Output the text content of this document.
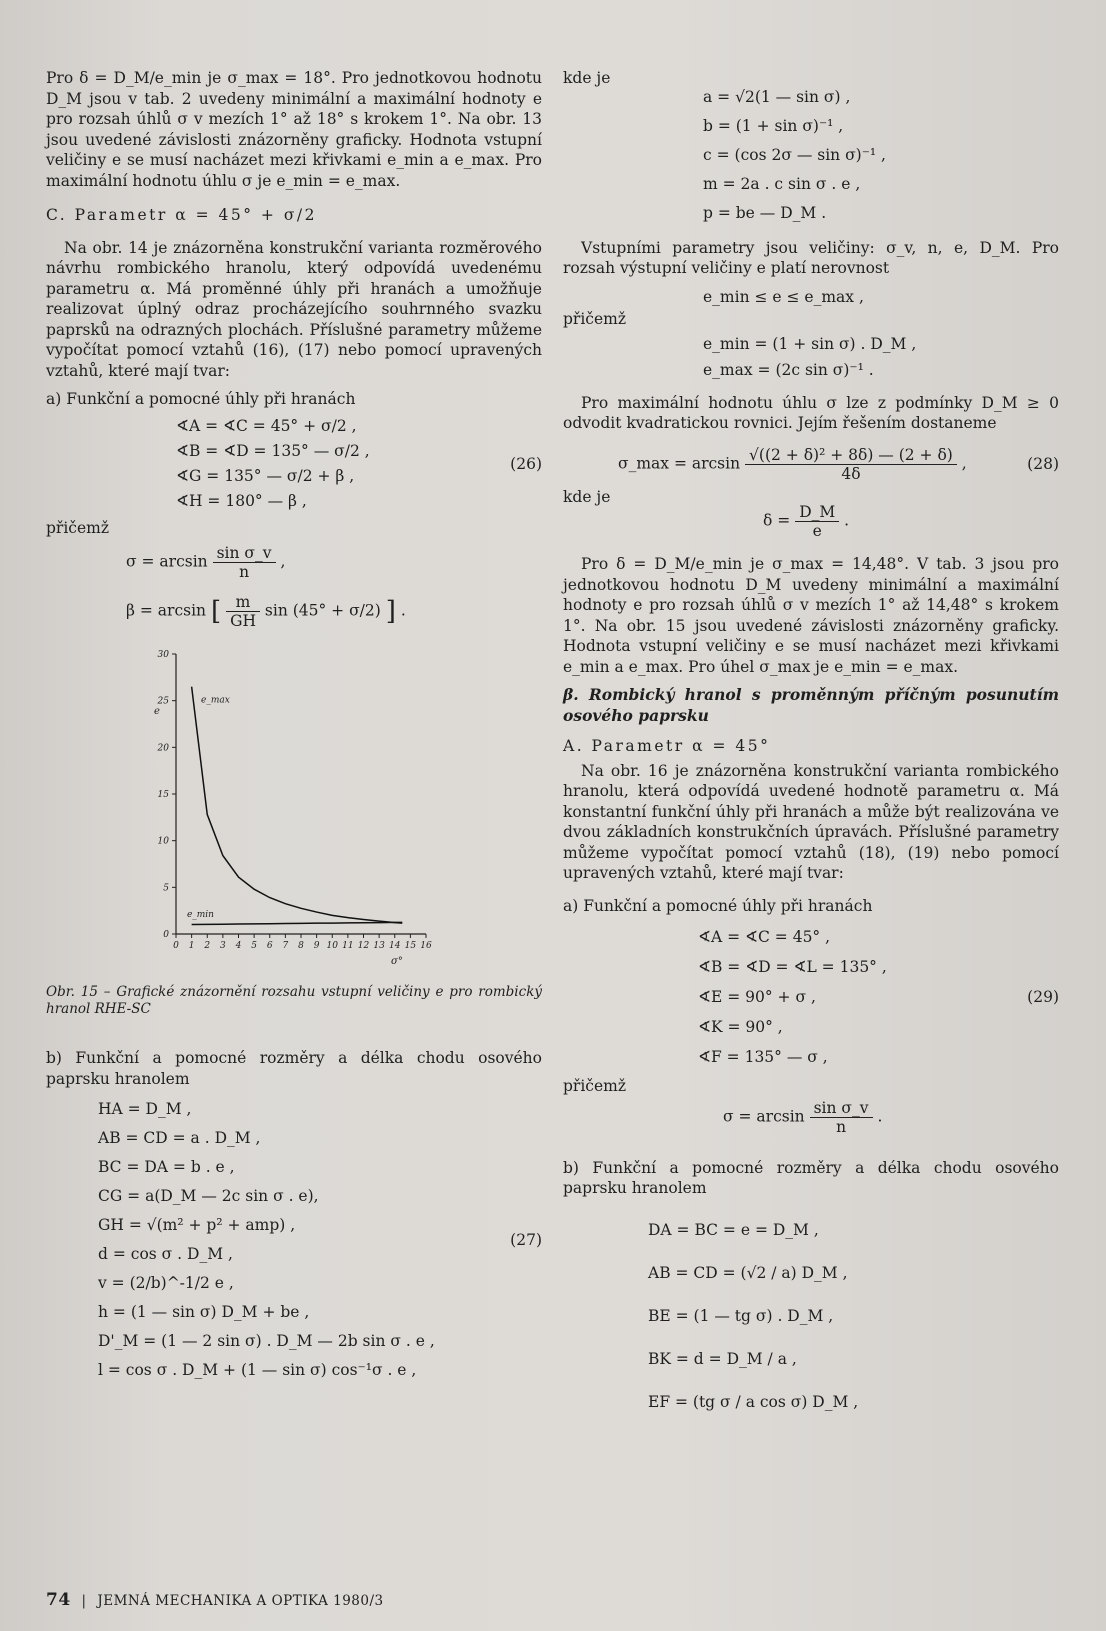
Pro δ = D_M/e_min je σ_max = 18°. Pro jednotkovou hodnotu D_M jsou v tab. 2 uvedeny minimální a maximální hodnoty e pro rozsah úhlů σ v mezích 1° až 18° s krokem 1°. Na obr. 13 jsou uvedené závislosti znázorněny graficky. Hodnota vstupní veličiny e se musí nacházet mezi křivkami e_min a e_max. Pro maximální hodnotu úhlu σ je e_min = e_max.

C. Parametr α = 45° + σ/2

Na obr. 14 je znázorněna konstrukční varianta rozměrového návrhu rombického hranolu, který odpovídá uvedenému parametru α. Má proměnné úhly při hranách a umožňuje realizovat úplný odraz procházejícího souhrnného svazku paprsků na odrazných plochách. Příslušné parametry můžeme vypočítat pomocí vztahů (16), (17) nebo pomocí upravených vztahů, které mají tvar:

a) Funkční a pomocné úhly při hranách

∢A = ∢C = 45° + σ/2 ,
∢B = ∢D = 135° — σ/2 ,
∢G = 135° — σ/2 + β ,
∢H = 180° — β ,
(26)

přičemž

$\sigma = \arcsin \frac{\text{sin σ\_v}}{n}$ ,
β = arcsin [ $\frac{m}{GH}$ sin (45° + σ/2) ] .
0
5
10
15
20
25
30
0 1 2 3 4 5 6 7 8 9 10 11 12 13 14 15 16
σ°
e
e_max
e_min

Obr. 15 – Grafické znázornění rozsahu vstupní veličiny e pro rombický hranol RHE-SC

b) Funkční a pomocné rozměry a délka chodu osového paprsku hranolem

HA = D_M ,
AB = CD = a . D_M ,
BC = DA = b . e ,
CG = a(D_M — 2c sin σ . e),
GH = √(m² + p² + amp) ,
d = cos σ . D_M ,
v = (2/b)^-1/2 e ,
h = (1 — sin σ) D_M + be ,
D'_M = (1 — 2 sin σ) . D_M — 2b sin σ . e ,
l = cos σ . D_M + (1 — sin σ) cos⁻¹σ . e ,
(27)

kde je

a = √2(1 — sin σ) ,
b = (1 + sin σ)⁻¹ ,
c = (cos 2σ — sin σ)⁻¹ ,
m = 2a . c sin σ . e ,
p = be — D_M .

Vstupními parametry jsou veličiny: σ_v, n, e, D_M. Pro rozsah výstupní veličiny e platí nerovnost

e_min ≤ e ≤ e_max ,

přičemž

e_min = (1 + sin σ) . D_M ,
e_max = (2c sin σ)⁻¹ .

Pro maximální hodnotu úhlu σ lze z podmínky D_M ≥ 0 odvodit kvadratickou rovnici. Jejím řešením dostaneme

σ_max = $\arcsin \frac{\text{√((2 + δ)² + 8δ) — (2 + δ)}}{4\delta}$ ,	(28)

kde je

$\delta = \frac{D\_M}{e}$ .

Pro δ = D_M/e_min je σ_max = 14,48°. V tab. 3 jsou pro jednotkovou hodnotu D_M uvedeny minimální a maximální hodnoty e pro rozsah úhlů σ v mezích 1° až 14,48° s krokem 1°. Na obr. 15 jsou uvedené závislosti znázorněny graficky. Hodnota vstupní veličiny e se musí nacházet mezi křivkami e_min a e_max. Pro úhel σ_max je e_min = e_max.

β. Rombický hranol s proměnným příčným posunutím osového paprsku

A. Parametr α = 45°

Na obr. 16 je znázorněna konstrukční varianta rombického hranolu, která odpovídá uvedené hodnotě parametru α. Má konstantní funkční úhly při hranách a může být realizována ve dvou základních konstrukčních úpravách. Příslušné parametry můžeme vypočítat pomocí vztahů (18), (19) nebo pomocí upravených vztahů, které mají tvar:

a) Funkční a pomocné úhly při hranách

∢A = ∢C = 45° ,
∢B = ∢D = ∢L = 135° ,
∢E = 90° + σ ,
∢K = 90° ,
∢F = 135° — σ ,
(29)

přičemž

$\sigma = \arcsin \frac{\text{sin σ\_v}}{n}$ .

b) Funkční a pomocné rozměry a délka chodu osového paprsku hranolem

DA = BC = e = D_M ,
AB = CD = (√2 / a) D_M ,
BE = (1 — tg σ) . D_M ,
BK = d = D_M / a ,
EF = (tg σ / a cos σ) D_M ,
74 | JEMNÁ MECHANIKA A OPTIKA 1980/3
